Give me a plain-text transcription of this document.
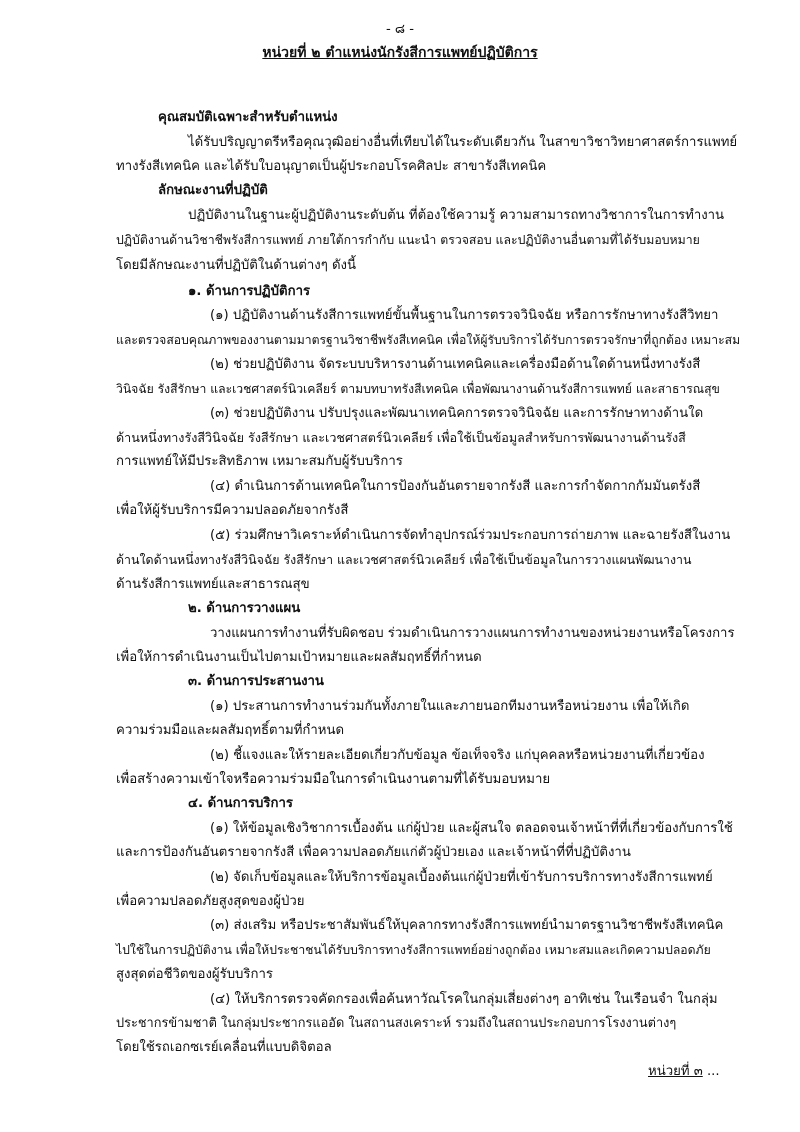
- ๘ -
หน่วยที่ ๒ ตำแหน่งนักรังสีการแพทย์ปฏิบัติการ
คุณสมบัติเฉพาะสำหรับตำแหน่ง
ได้รับปริญญาตรีหรือคุณวุฒิอย่างอื่นที่เทียบได้ในระดับเดียวกัน ในสาขาวิชาวิทยาศาสตร์การแพทย์
ทางรังสีเทคนิค และได้รับใบอนุญาตเป็นผู้ประกอบโรคศิลปะ สาขารังสีเทคนิค
ลักษณะงานที่ปฏิบัติ
ปฏิบัติงานในฐานะผู้ปฏิบัติงานระดับต้น ที่ต้องใช้ความรู้ ความสามารถทางวิชาการในการทำงาน
ปฏิบัติงานด้านวิชาชีพรังสีการแพทย์ ภายใต้การกำกับ แนะนำ ตรวจสอบ และปฏิบัติงานอื่นตามที่ได้รับมอบหมาย
โดยมีลักษณะงานที่ปฏิบัติในด้านต่างๆ ดังนี้
๑. ด้านการปฏิบัติการ
(๑) ปฏิบัติงานด้านรังสีการแพทย์ขั้นพื้นฐานในการตรวจวินิจฉัย หรือการรักษาทางรังสีวิทยา
และตรวจสอบคุณภาพของงานตามมาตรฐานวิชาชีพรังสีเทคนิค เพื่อให้ผู้รับบริการได้รับการตรวจรักษาที่ถูกต้อง เหมาะสม
(๒) ช่วยปฏิบัติงาน จัดระบบบริหารงานด้านเทคนิคและเครื่องมือด้านใดด้านหนึ่งทางรังสี
วินิจฉัย รังสีรักษา และเวชศาสตร์นิวเคลียร์ ตามบทบาทรังสีเทคนิค เพื่อพัฒนางานด้านรังสีการแพทย์ และสาธารณสุข
(๓) ช่วยปฏิบัติงาน ปรับปรุงและพัฒนาเทคนิคการตรวจวินิจฉัย และการรักษาทางด้านใด
ด้านหนึ่งทางรังสีวินิจฉัย รังสีรักษา และเวชศาสตร์นิวเคลียร์ เพื่อใช้เป็นข้อมูลสำหรับการพัฒนางานด้านรังสี
การแพทย์ให้มีประสิทธิภาพ เหมาะสมกับผู้รับบริการ
(๔) ดำเนินการด้านเทคนิคในการป้องกันอันตรายจากรังสี และการกำจัดกากกัมมันตรังสี
เพื่อให้ผู้รับบริการมีความปลอดภัยจากรังสี
(๕) ร่วมศึกษาวิเคราะห์ดำเนินการจัดทำอุปกรณ์ร่วมประกอบการถ่ายภาพ และฉายรังสีในงาน
ด้านใดด้านหนึ่งทางรังสีวินิจฉัย รังสีรักษา และเวชศาสตร์นิวเคลียร์ เพื่อใช้เป็นข้อมูลในการวางแผนพัฒนางาน
ด้านรังสีการแพทย์และสาธารณสุข
๒. ด้านการวางแผน
วางแผนการทำงานที่รับผิดชอบ ร่วมดำเนินการวางแผนการทำงานของหน่วยงานหรือโครงการ
เพื่อให้การดำเนินงานเป็นไปตามเป้าหมายและผลสัมฤทธิ์ที่กำหนด
๓. ด้านการประสานงาน
(๑) ประสานการทำงานร่วมกันทั้งภายในและภายนอกทีมงานหรือหน่วยงาน เพื่อให้เกิด
ความร่วมมือและผลสัมฤทธิ์ตามที่กำหนด
(๒) ชี้แจงและให้รายละเอียดเกี่ยวกับข้อมูล ข้อเท็จจริง แก่บุคคลหรือหน่วยงานที่เกี่ยวข้อง
เพื่อสร้างความเข้าใจหรือความร่วมมือในการดำเนินงานตามที่ได้รับมอบหมาย
๔. ด้านการบริการ
(๑) ให้ข้อมูลเชิงวิชาการเบื้องต้น แก่ผู้ป่วย และผู้สนใจ ตลอดจนเจ้าหน้าที่ที่เกี่ยวข้องกับการใช้
และการป้องกันอันตรายจากรังสี เพื่อความปลอดภัยแก่ตัวผู้ป่วยเอง และเจ้าหน้าที่ที่ปฏิบัติงาน
(๒) จัดเก็บข้อมูลและให้บริการข้อมูลเบื้องต้นแก่ผู้ป่วยที่เข้ารับการบริการทางรังสีการแพทย์
เพื่อความปลอดภัยสูงสุดของผู้ป่วย
(๓) ส่งเสริม หรือประชาสัมพันธ์ให้บุคลากรทางรังสีการแพทย์นำมาตรฐานวิชาชีพรังสีเทคนิค
ไปใช้ในการปฏิบัติงาน เพื่อให้ประชาชนได้รับบริการทางรังสีการแพทย์อย่างถูกต้อง เหมาะสมและเกิดความปลอดภัย
สูงสุดต่อชีวิตของผู้รับบริการ
(๔) ให้บริการตรวจคัดกรองเพื่อค้นหาวัณโรคในกลุ่มเสี่ยงต่างๆ อาทิเช่น ในเรือนจำ ในกลุ่ม
ประชากรข้ามชาติ ในกลุ่มประชากรแออัด ในสถานสงเคราะห์ รวมถึงในสถานประกอบการโรงงานต่างๆ
โดยใช้รถเอกซเรย์เคลื่อนที่แบบดิจิตอล
หน่วยที่ ๓ ...
